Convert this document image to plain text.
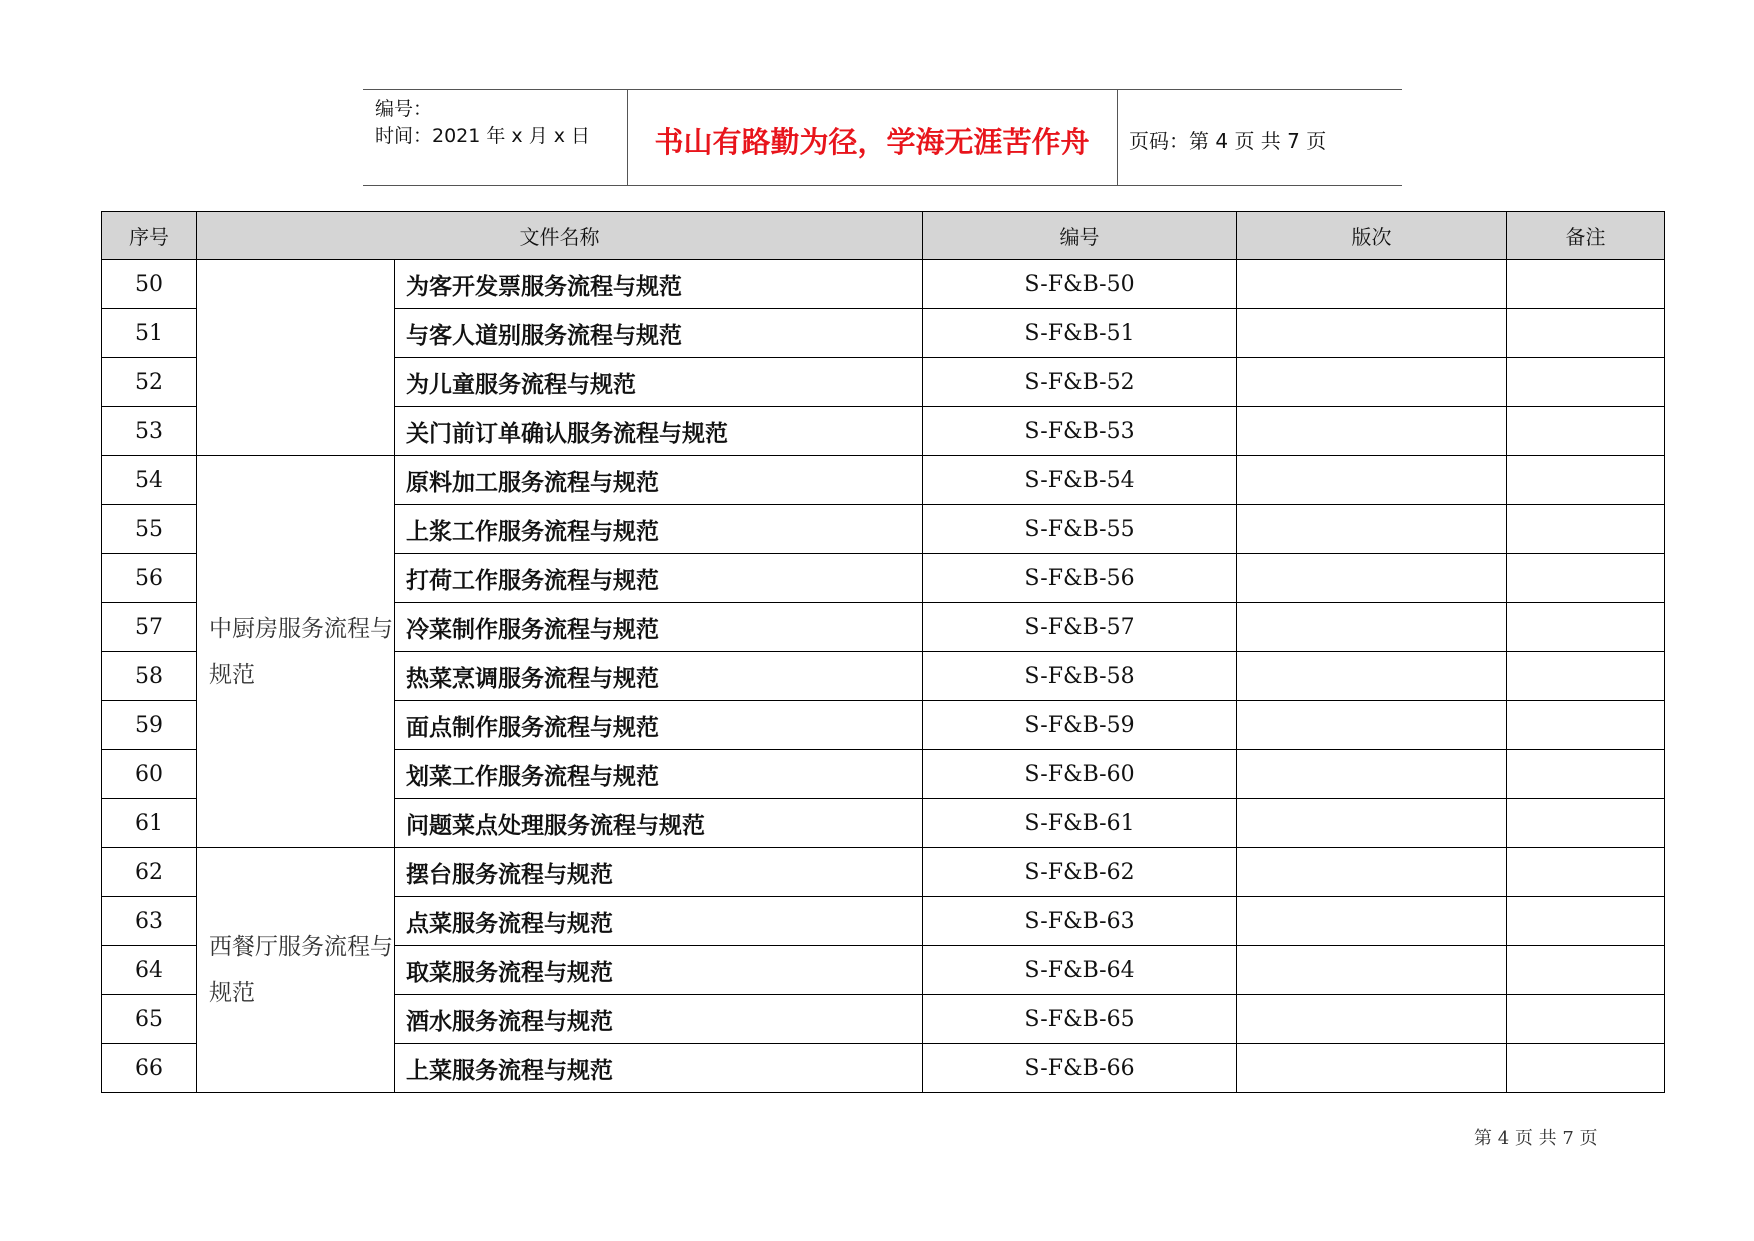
编号：
时间：2021 年 x 月 x 日	书山有路勤为径，学海无涯苦作舟	页码：第 4 页 共 7 页
序号	文件名称		编号	版次	备注
50		为客开发票服务流程与规范	S-F&B-50		
51		与客人道别服务流程与规范	S-F&B-51		
52		为儿童服务流程与规范	S-F&B-52		
53		关门前订单确认服务流程与规范	S-F&B-53		
54	中厨房服务流程与规范	原料加工服务流程与规范	S-F&B-54		
55		上浆工作服务流程与规范	S-F&B-55		
56		打荷工作服务流程与规范	S-F&B-56		
57		冷菜制作服务流程与规范	S-F&B-57		
58		热菜烹调服务流程与规范	S-F&B-58		
59		面点制作服务流程与规范	S-F&B-59		
60		划菜工作服务流程与规范	S-F&B-60		
61		问题菜点处理服务流程与规范	S-F&B-61		
62	西餐厅服务流程与规范	摆台服务流程与规范	S-F&B-62		
63		点菜服务流程与规范	S-F&B-63		
64		取菜服务流程与规范	S-F&B-64		
65		酒水服务流程与规范	S-F&B-65		
66		上菜服务流程与规范	S-F&B-66		
第 4 页 共 7 页
